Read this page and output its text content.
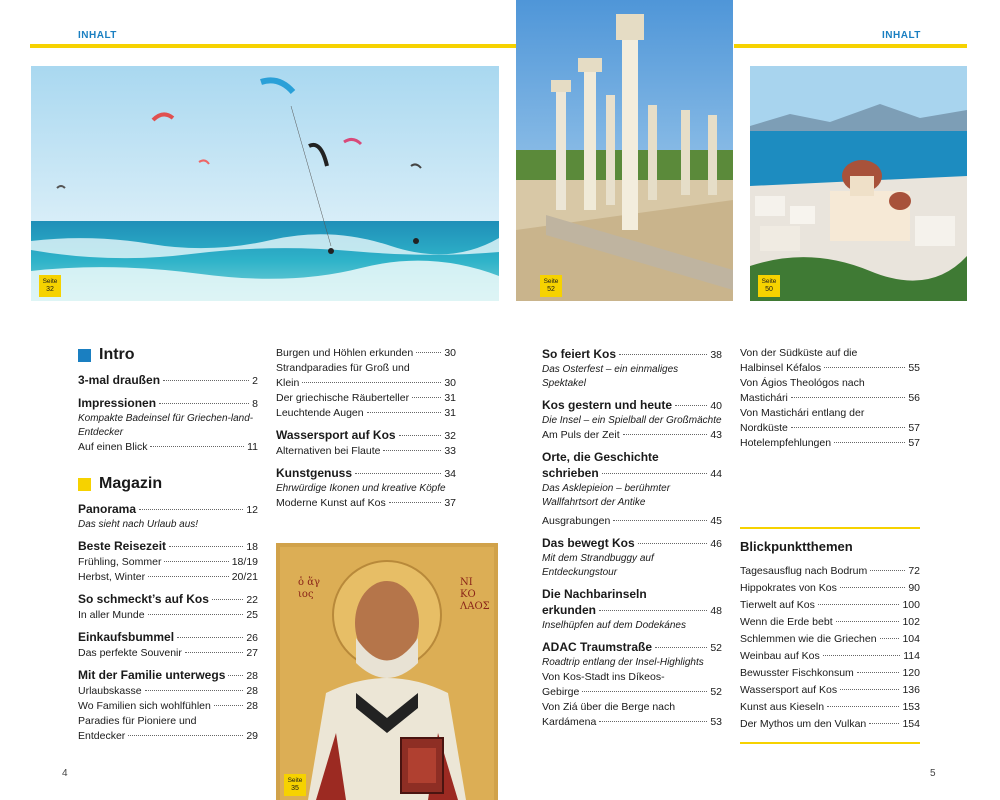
INHALT	INHALT
Seite
32
Seite
52
Seite
50
ὁ ἅγιος
ΝΙ ΚΟ ΛΑΟΣ
Seite
35
Intro
3-mal draußen	2
Impressionen	8
Kompakte Badeinsel für Griechen-land-Entdecker
Auf einen Blick	11
Magazin
Panorama	12
Das sieht nach Urlaub aus!
Beste Reisezeit	18
Frühling, Sommer	18/19
Herbst, Winter	20/21
So schmeckt’s auf Kos	22
In aller Munde	25
Einkaufsbummel	26
Das perfekte Souvenir	27
Mit der Familie unterwegs 28
Urlaubskasse	28
Wo Familien sich wohlfühlen	28
Paradies für Pioniere und
Entdecker	29
Burgen und Höhlen erkunden	30
Strandparadies für Groß und
Klein	30
Der griechische Räuberteller	31
Leuchtende Augen	31
Wassersport auf Kos	32
Alternativen bei Flaute	33
Kunstgenuss	34
Ehrwürdige Ikonen und kreative Köpfe
Moderne Kunst auf Kos	37
So feiert Kos	38
Das Osterfest – ein einmaliges Spektakel
Kos gestern und heute	40
Die Insel – ein Spielball der Großmächte
Am Puls der Zeit	43
Orte, die Geschichte
schrieben	44
Das Asklepieion – berühmter Wallfahrtsort der Antike
Ausgrabungen	45
Das bewegt Kos	46
Mit dem Strandbuggy auf Entdeckungstour
Die Nachbarinseln
erkunden	48
Inselhüpfen auf dem Dodekánes
ADAC Traumstraße	52
Roadtrip entlang der Insel-Highlights
Von Kos-Stadt ins Díkeos-
Gebirge	52
Von Ziá über die Berge nach
Kardámena	53
Von der Südküste auf die
Halbinsel Kéfalos	55
Von Ágios Theológos nach
Mastichári	56
Von Mastichári entlang der
Nordküste	57
Hotelempfehlungen	57
Blickpunktthemen
Tagesausflug nach Bodrum	72
Hippokrates von Kos	90
Tierwelt auf Kos	100
Wenn die Erde bebt	102
Schlemmen wie die Griechen 104
Weinbau auf Kos	114
Bewusster Fischkonsum	120
Wassersport auf Kos	136
Kunst aus Kieseln	153
Der Mythos um den Vulkan	154
4	5
